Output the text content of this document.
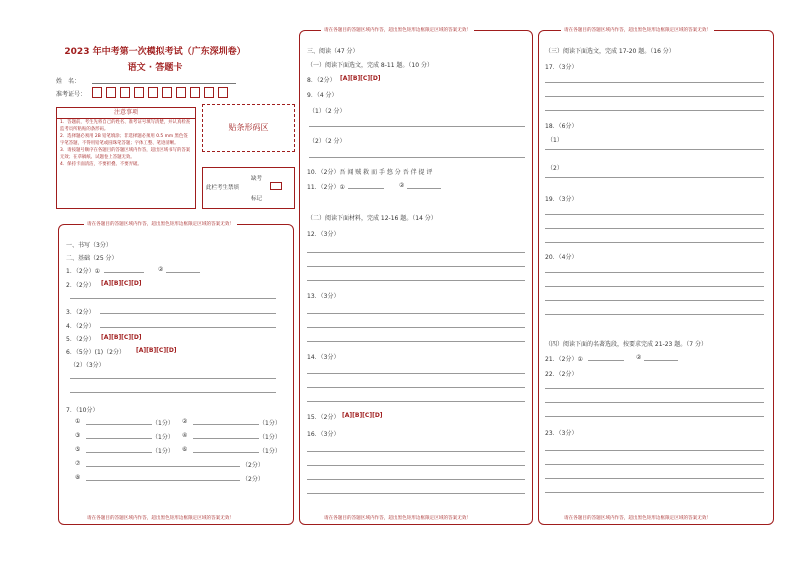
2023 年中考第一次模拟考试（广东深圳卷）
语文 · 答题卡
姓　名：
准考证号：
注意事项
1．答题前，考生先将自己的姓名、准考证号填写清楚，并认真检查监考员所粘贴的条形码。
2．选择题必须用 2B 铅笔填涂；非选择题必须用 0.5 mm 黑色签字笔答题，不得用铅笔或圆珠笔答题；字体工整、笔迹清晰。
3．请按题号顺序在各题目的答题区域内作答，超出区域书写的答案无效；在草稿纸、试题卷上答题无效。
4．保持卡面清洁，不要折叠、不要弄破。
贴条形码区
此栏考生禁填
缺考
标记
请在各题目的答题区域内作答，超出黑色矩形边框限定区域的答案无效！
请在各题目的答题区域内作答，超出黑色矩形边框限定区域的答案无效！
一、书写（3分）
二、基础（25 分）
1．（2分）①	②
2．（2分） [A][B][C][D]
3．（2分）
4．（2分）
5．（2分） [A][B][C][D]
6．（5分）(1)（2分） [A][B][C][D]
（2）（3分）
7．（10分）
①	（1分） ②	（1分）
③	（1分） ④	（1分）
⑤	（1分） ⑥	（1分）
⑦	（2分）
⑧	（2分）
请在各题目的答题区域内作答，超出黑色矩形边框限定区域的答案无效！
请在各题目的答题区域内作答，超出黑色矩形边框限定区域的答案无效！
三、阅读（47 分）
（一）阅读下面选文，完成 8-11 题。（10 分）
8．（2分） [A][B][C][D]
9．（4 分）
（1）（2 分）
（2）（2 分）
10．（2分）吾 闻 贼 救 而 手 悠 分 吾 伴 提 评
11．（2分）①	②
（二）阅读下面材料，完成 12-16 题。（14 分）
12．（3分）
13．（3分）
14．（3分）
15．（2分） [A][B][C][D]
16．（3分）
请在各题目的答题区域内作答，超出黑色矩形边框限定区域的答案无效！
请在各题目的答题区域内作答，超出黑色矩形边框限定区域的答案无效！
（三）阅读下面选文，完成 17-20 题。（16 分）
17．（3分）
18．（6分）
（1）
（2）
19．（3分）
20．（4分）
（四）阅读下面的名著选段，按要求完成 21-23 题。（7 分）
21．（2分）①	②
22．（2分）
23．（3分）
